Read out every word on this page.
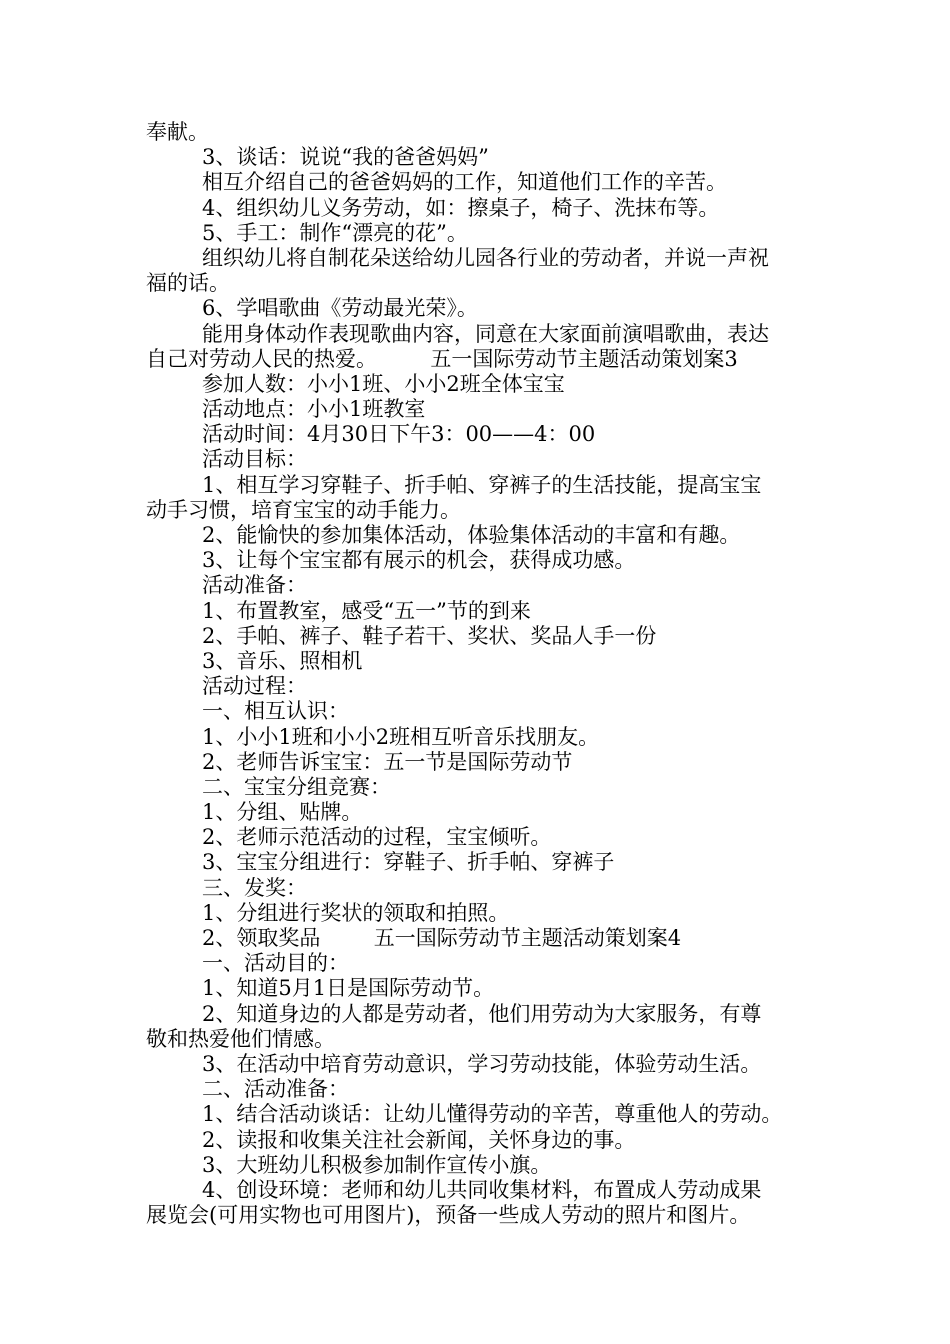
奉献。
3、谈话：说说“我的爸爸妈妈”
相互介绍自己的爸爸妈妈的工作，知道他们工作的辛苦。
4、组织幼儿义务劳动，如：擦桌子，椅子、洗抹布等。
5、手工：制作“漂亮的花”。
组织幼儿将自制花朵送给幼儿园各行业的劳动者，并说一声祝
福的话。
6、学唱歌曲《劳动最光荣》。
能用身体动作表现歌曲内容，同意在大家面前演唱歌曲，表达
自己对劳动人民的热爱。        五一国际劳动节主题活动策划案3
参加人数：小小1班、小小2班全体宝宝
活动地点：小小1班教室
活动时间：4月30日下午3：00——4：00
活动目标：
1、相互学习穿鞋子、折手帕、穿裤子的生活技能，提高宝宝
动手习惯，培育宝宝的动手能力。
2、能愉快的参加集体活动，体验集体活动的丰富和有趣。
3、让每个宝宝都有展示的机会，获得成功感。
活动准备：
1、布置教室，感受“五一”节的到来
2、手帕、裤子、鞋子若干、奖状、奖品人手一份
3、音乐、照相机
活动过程：
一、相互认识：
1、小小1班和小小2班相互听音乐找朋友。
2、老师告诉宝宝：五一节是国际劳动节
二、宝宝分组竞赛：
1、分组、贴牌。
2、老师示范活动的过程，宝宝倾听。
3、宝宝分组进行：穿鞋子、折手帕、穿裤子
三、发奖：
1、分组进行奖状的领取和拍照。
2、领取奖品        五一国际劳动节主题活动策划案4
一、活动目的：
1、知道5月1日是国际劳动节。
2、知道身边的人都是劳动者，他们用劳动为大家服务，有尊
敬和热爱他们情感。
3、在活动中培育劳动意识，学习劳动技能，体验劳动生活。
二、活动准备：
1、结合活动谈话：让幼儿懂得劳动的辛苦，尊重他人的劳动。
2、读报和收集关注社会新闻，关怀身边的事。
3、大班幼儿积极参加制作宣传小旗。
4、创设环境：老师和幼儿共同收集材料，布置成人劳动成果
展览会(可用实物也可用图片)，预备一些成人劳动的照片和图片。
